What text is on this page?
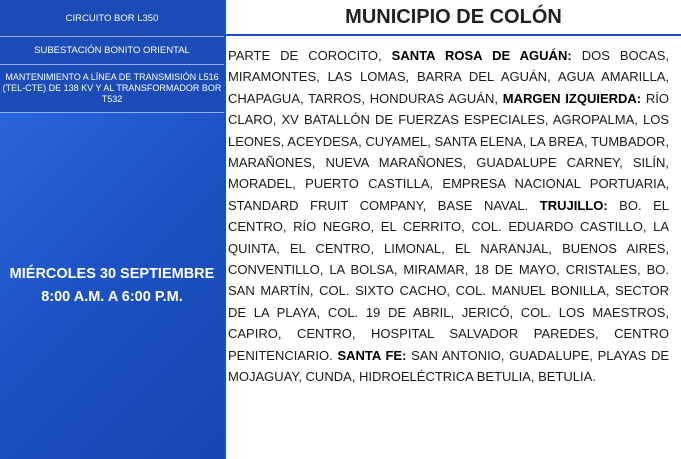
CIRCUITO BOR L350
SUBESTACIÓN BONITO ORIENTAL
MANTENIMIENTO A LÍNEA DE TRANSMISIÓN L516 (TEL-CTE) DE 138 KV Y AL TRANSFORMADOR BOR T532
MIÉRCOLES 30 SEPTIEMBRE
8:00 A.M. A 6:00 P.M.
MUNICIPIO DE COLÓN
PARTE DE COROCITO, SANTA ROSA DE AGUÁN: DOS BOCAS, MIRAMONTES, LAS LOMAS, BARRA DEL AGUÁN, AGUA AMARILLA, CHAPAGUA, TARROS, HONDURAS AGUÁN, MARGEN IZQUIERDA: RÍO CLARO, XV BATALLÓN DE FUERZAS ESPECIALES, AGROPALMA, LOS LEONES, ACEYDESA, CUYAMEL, SANTA ELENA, LA BREA, TUMBADOR, MARAÑONES, NUEVA MARAÑONES, GUADALUPE CARNEY, SILÍN, MORADEL, PUERTO CASTILLA, EMPRESA NACIONAL PORTUARIA, STANDARD FRUIT COMPANY, BASE NAVAL. TRUJILLO: BO. EL CENTRO, RÍO NEGRO, EL CERRITO, COL. EDUARDO CASTILLO, LA QUINTA, EL CENTRO, LIMONAL, EL NARANJAL, BUENOS AIRES, CONVENTILLO, LA BOLSA, MIRAMAR, 18 DE MAYO, CRISTALES, BO. SAN MARTÍN, COL. SIXTO CACHO, COL. MANUEL BONILLA, SECTOR DE LA PLAYA, COL. 19 DE ABRIL, JERICÓ, COL. LOS MAESTROS, CAPIRO, CENTRO, HOSPITAL SALVADOR PAREDES, CENTRO PENITENCIARIO. SANTA FE: SAN ANTONIO, GUADALUPE, PLAYAS DE MOJAGUAY, CUNDA, HIDROELÉCTRICA BETULIA, BETULIA.
